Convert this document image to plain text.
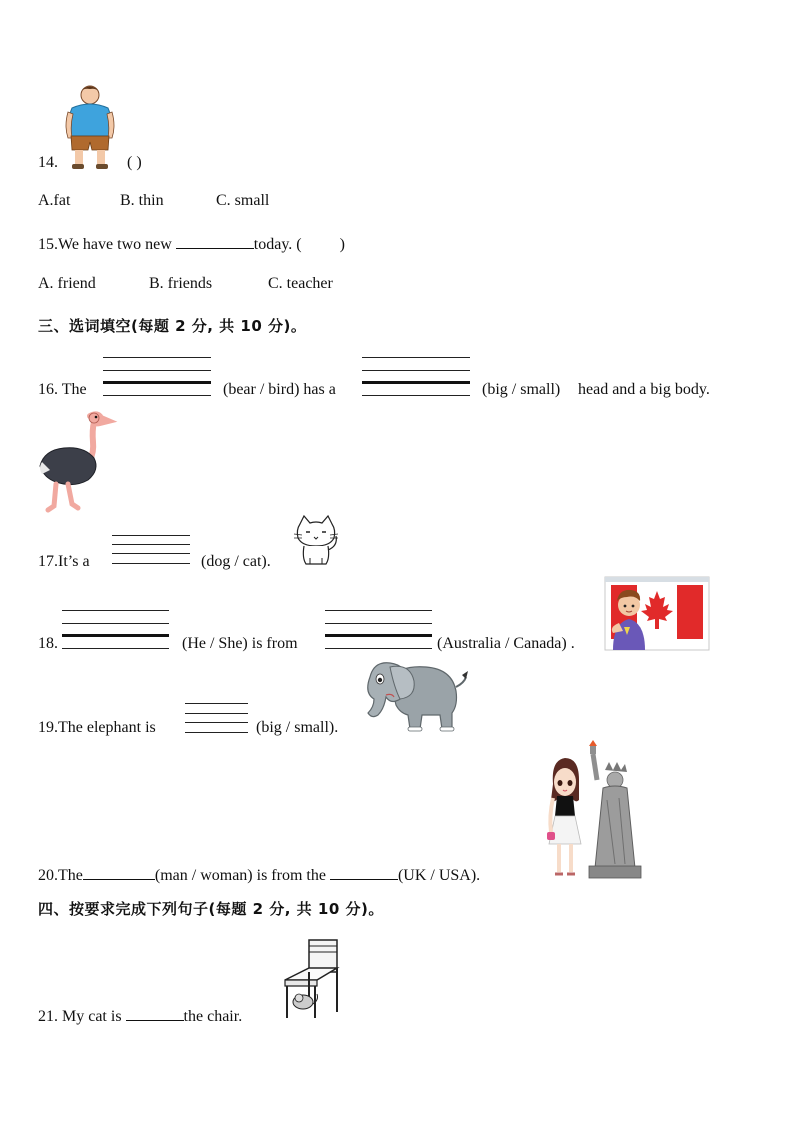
14.	( )
A.fat	B. thin	C. small
15.We have two new	today. ( )
A. friend	B. friends	C. teacher
三、选词填空(每题 2 分, 共 10 分)。
16. The	(bear / bird) has a	(big / small) head and a big body.
17.It’s a	(dog / cat).
18.	(He / She) is from	(Australia / Canada) .
19.The elephant is	(big / small).
20.The	(man / woman) is from the	(UK / USA).
四、按要求完成下列句子(每题 2 分, 共 10 分)。
21. My cat is	the chair.
